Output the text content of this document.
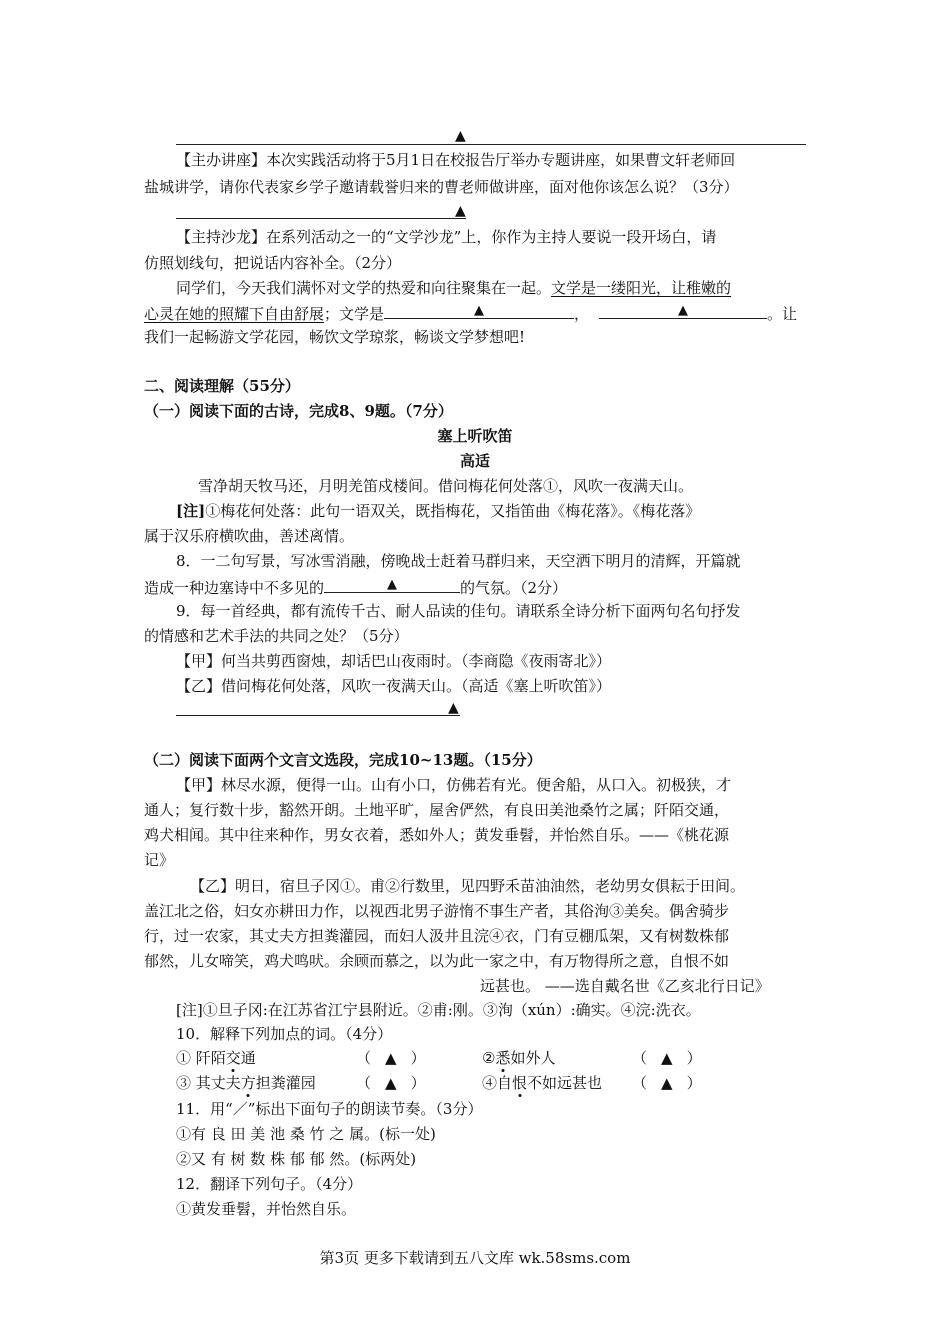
▲
【主办讲座】本次实践活动将于5月1日在校报告厅举办专题讲座，如果曹文轩老师回
盐城讲学，请你代表家乡学子邀请载誉归来的曹老师做讲座，面对他你该怎么说？（3分）
▲
【主持沙龙】在系列活动之一的“文学沙龙”上，你作为主持人要说一段开场白，请
仿照划线句，把说话内容补全。（2分）
同学们，今天我们满怀对文学的热爱和向往聚集在一起。文学是一缕阳光，让稚嫩的
心灵在她的照耀下自由舒展；文学是	▲	，	▲	。让
我们一起畅游文学花园，畅饮文学琼浆，畅谈文学梦想吧!
二、阅读理解（55分）
（一）阅读下面的古诗，完成8、9题。（7分）
塞上听吹笛
高适
雪净胡天牧马还，月明羌笛戍楼间。借问梅花何处落①，风吹一夜满天山。
[注]①梅花何处落：此句一语双关，既指梅花，又指笛曲《梅花落》。《梅花落》
属于汉乐府横吹曲，善述离情。
8．一二句写景，写冰雪消融，傍晚战士赶着马群归来，天空洒下明月的清辉，开篇就
造成一种边塞诗中不多见的	▲	的气氛。（2分）
9．每一首经典，都有流传千古、耐人品读的佳句。请联系全诗分析下面两句名句抒发
的情感和艺术手法的共同之处？（5分）
【甲】何当共剪西窗烛，却话巴山夜雨时。（李商隐《夜雨寄北》）
【乙】借问梅花何处落，风吹一夜满天山。（高适《塞上听吹笛》）
▲
（二）阅读下面两个文言文选段，完成10~13题。（15分）
【甲】林尽水源，便得一山。山有小口，仿佛若有光。便舍船，从口入。初极狭，才
通人；复行数十步，豁然开朗。土地平旷，屋舍俨然，有良田美池桑竹之属；阡陌交通，
鸡犬相闻。其中往来种作，男女衣着，悉如外人；黄发垂髫，并怡然自乐。——《桃花源
记》
【乙】明日，宿旦子冈①。甫②行数里，见四野禾苗油油然，老幼男女俱耘于田间。
盖江北之俗，妇女亦耕田力作，以视西北男子游惰不事生产者，其俗洵③美矣。偶舍骑步
行，过一农家，其丈夫方担粪灌园，而妇人汲井且浣④衣，门有豆棚瓜架，又有树数株郁
郁然，儿女啼笑，鸡犬鸣吠。余顾而慕之，以为此一家之中，有万物得所之意，自恨不如
远甚也。 ——选自戴名世《乙亥北行日记》
[注]①旦子冈:在江苏省江宁县附近。②甫:刚。③洵（xún）:确实。④浣:洗衣。
10．解释下列加点的词。（4分）
① 阡陌交通	（ ▲ ）	②悉如外人	（ ▲ ）
③ 其丈夫方担粪灌园	（ ▲ ）	④自恨不如远甚也 （ ▲ ）
11．用“／”标出下面句子的朗读节奏。（3分）
①有 良 田 美 池 桑 竹 之 属。(标一处)
②又 有 树 数 株 郁 郁 然。(标两处)
12．翻译下列句子。（4分）
①黄发垂髫，并怡然自乐。
第3页 更多下载请到五八文库 wk.58sms.com
